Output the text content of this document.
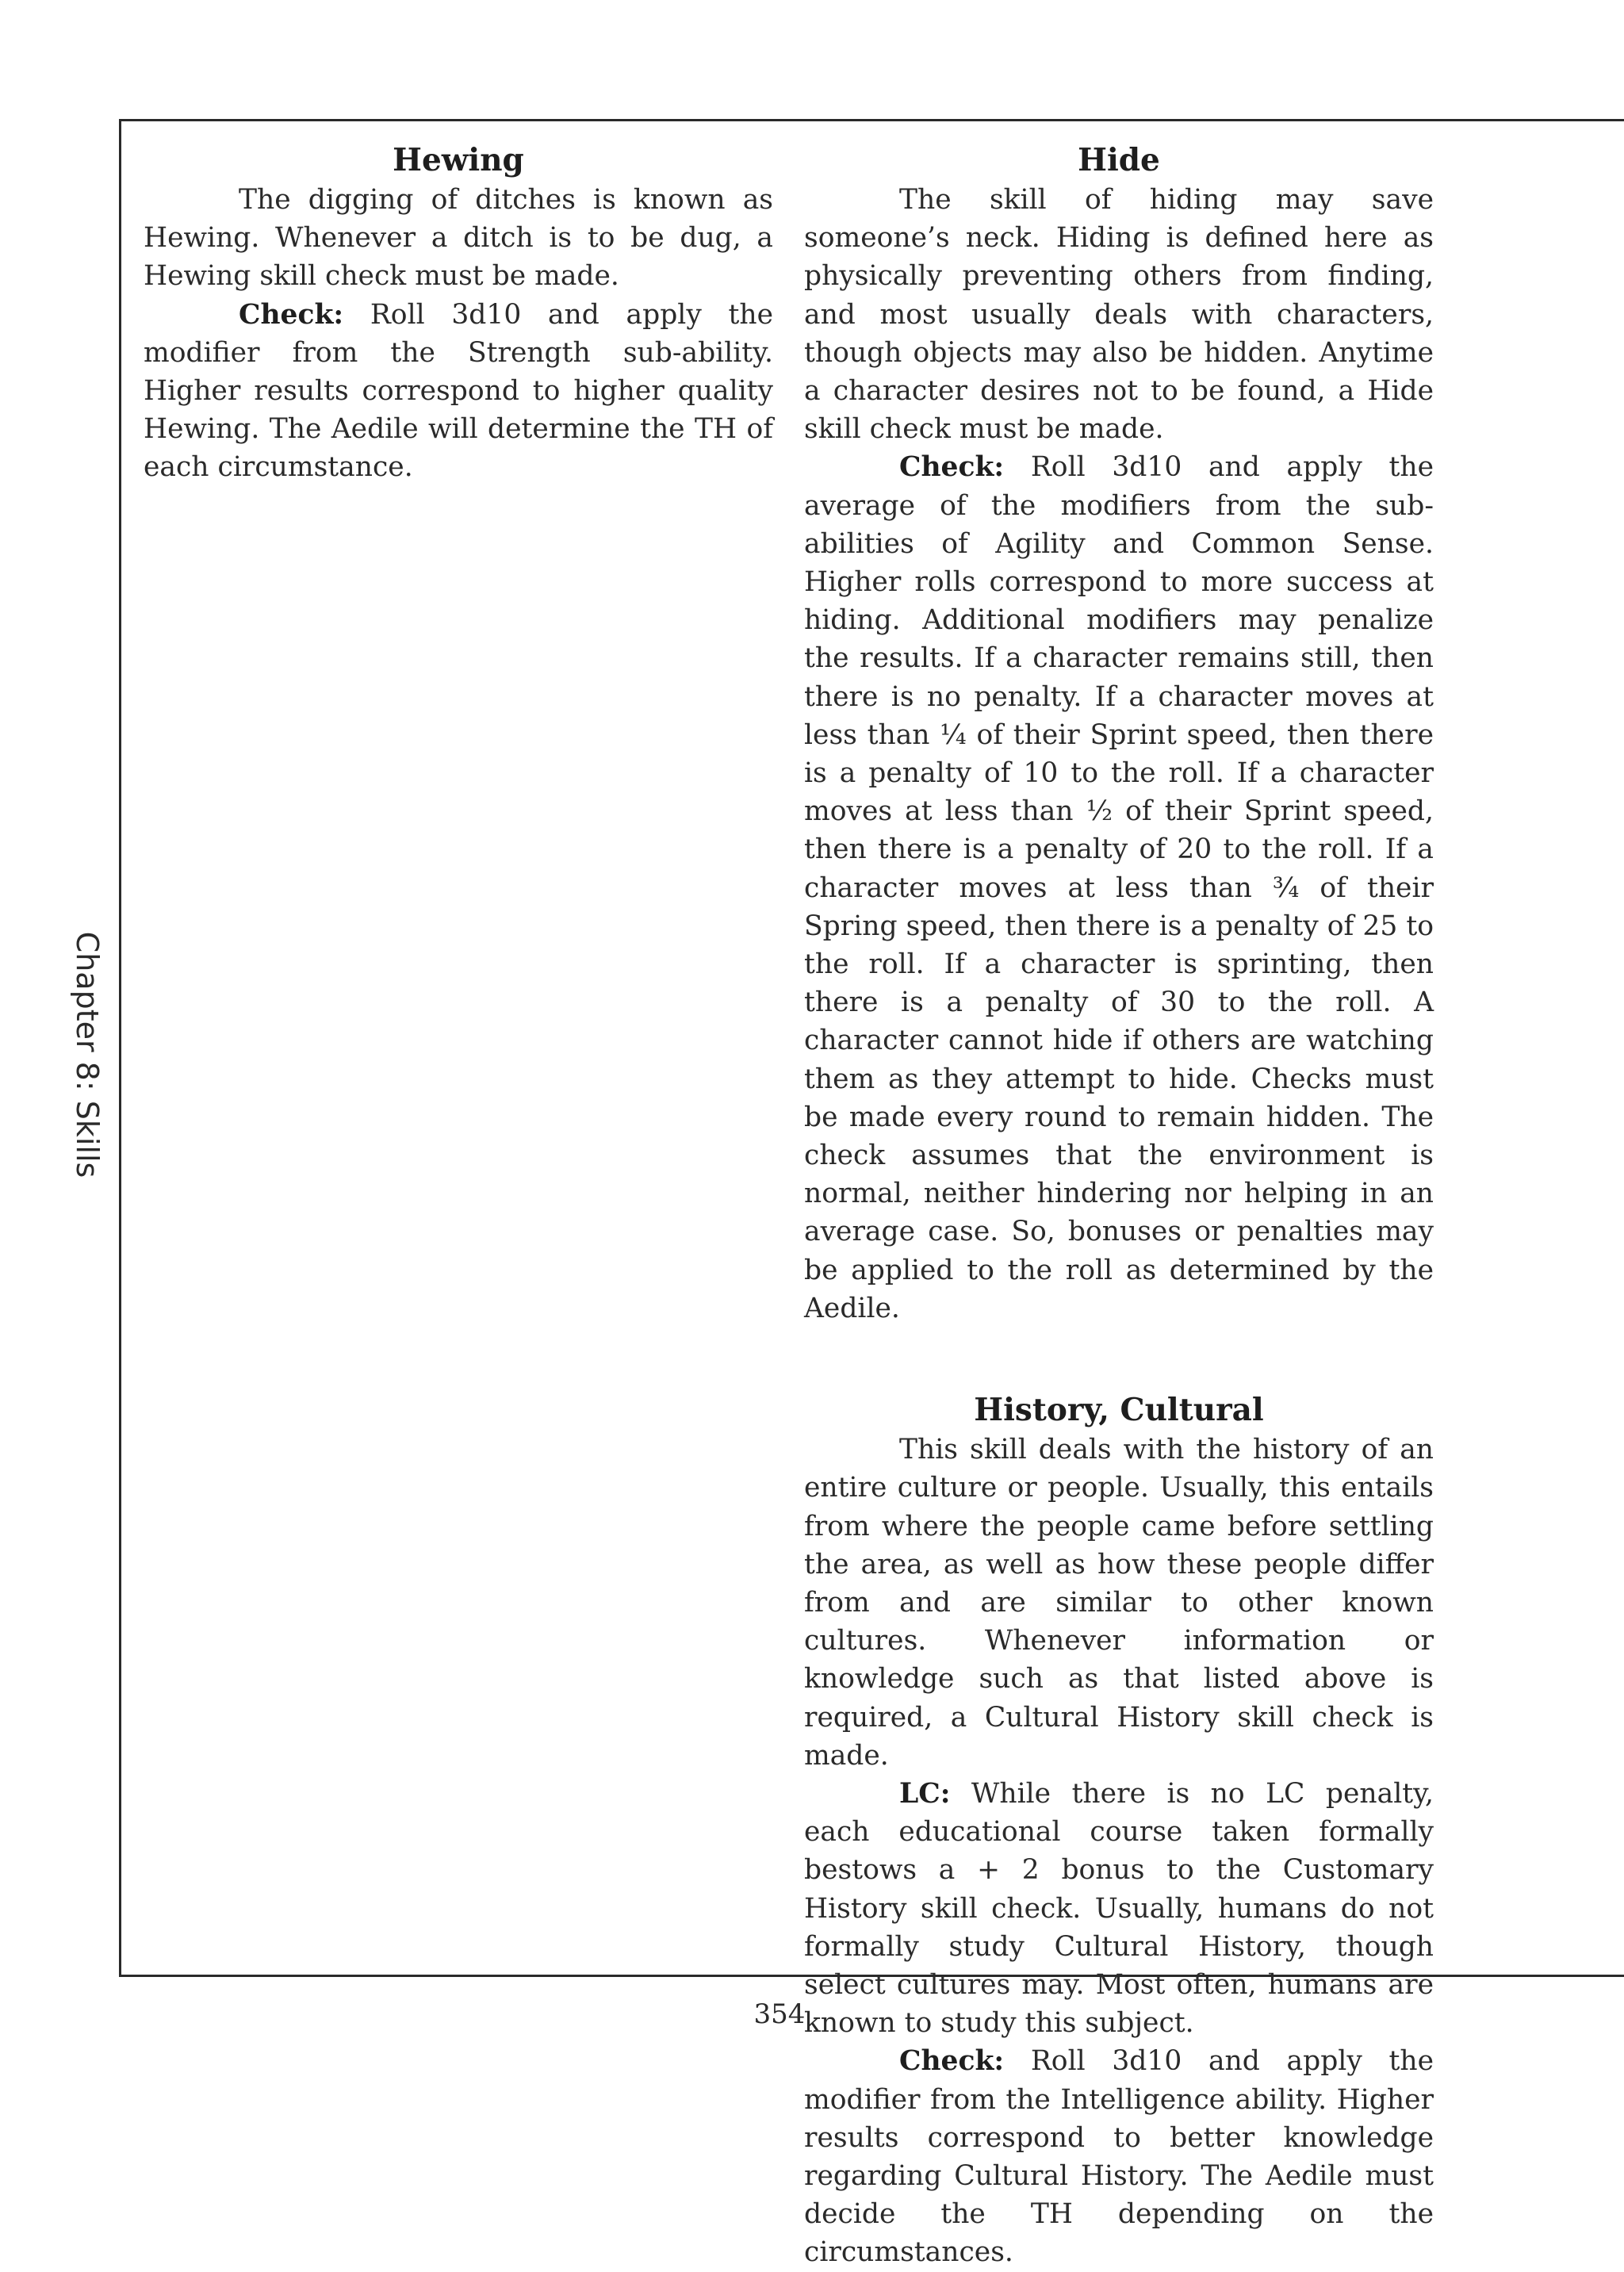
Chapter 8: Skills
Hewing

The digging of ditches is known as Hewing. Whenever a ditch is to be dug, a Hewing skill check must be made.

Check: Roll 3d10 and apply the modifier from the Strength sub-ability. Higher results correspond to higher quality Hewing. The Aedile will determine the TH of each circumstance.

Hide

The skill of hiding may save someone’s neck. Hiding is defined here as physically preventing others from finding, and most usually deals with characters, though objects may also be hidden. Anytime a character desires not to be found, a Hide skill check must be made.

Check: Roll 3d10 and apply the average of the modifiers from the sub-abilities of Agility and Common Sense. Higher rolls correspond to more success at hiding. Additional modifiers may penalize the results. If a character remains still, then there is no penalty. If a character moves at less than ¼ of their Sprint speed, then there is a penalty of 10 to the roll. If a character moves at less than ½ of their Sprint speed, then there is a penalty of 20 to the roll. If a character moves at less than ¾ of their Spring speed, then there is a penalty of 25 to the roll. If a character is sprinting, then there is a penalty of 30 to the roll. A character cannot hide if others are watching them as they attempt to hide. Checks must be made every round to remain hidden. The check assumes that the environment is normal, neither hindering nor helping in an average case. So, bonuses or penalties may be applied to the roll as determined by the Aedile.

History, Cultural

This skill deals with the history of an entire culture or people. Usually, this entails from where the people came before settling the area, as well as how these people differ from and are similar to other known cultures. Whenever information or knowledge such as that listed above is required, a Cultural History skill check is made.

LC: While there is no LC penalty, each educational course taken formally bestows a + 2 bonus to the Customary History skill check. Usually, humans do not formally study Cultural History, though select cultures may. Most often, humans are known to study this subject.

Check: Roll 3d10 and apply the modifier from the Intelligence ability. Higher results correspond to better knowledge regarding Cultural History. The Aedile must decide the TH depending on the circumstances.

354
